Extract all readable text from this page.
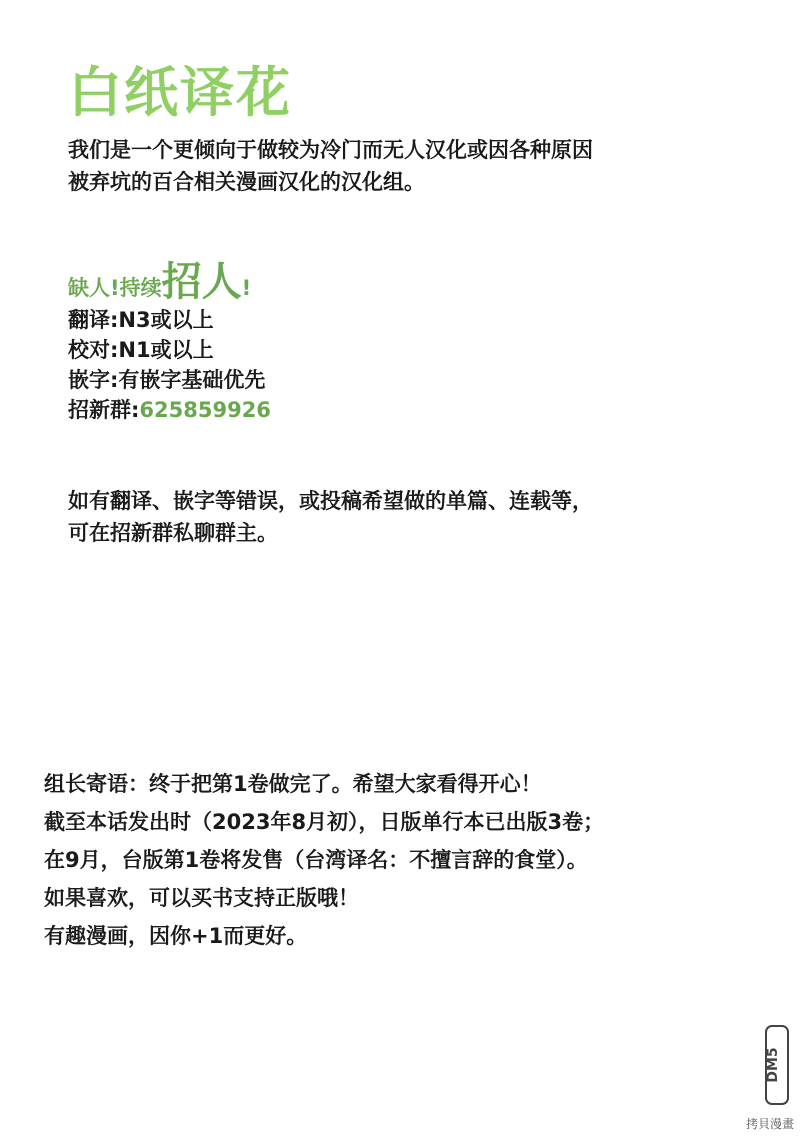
白纸译花
我们是一个更倾向于做较为冷门而无人汉化或因各种原因
被弃坑的百合相关漫画汉化的汉化组。
缺人!持续招人!
翻译:N3或以上
校对:N1或以上
嵌字:有嵌字基础优先
招新群:625859926
如有翻译、嵌字等错误，或投稿希望做的单篇、连载等，
可在招新群私聊群主。
组长寄语：终于把第1卷做完了。希望大家看得开心！
截至本话发出时（2023年8月初），日版单行本已出版3卷；
在9月，台版第1卷将发售（台湾译名：不擅言辞的食堂）。
如果喜欢，可以买书支持正版哦！
有趣漫画，因你+1而更好。
DM5
拷貝漫畫
